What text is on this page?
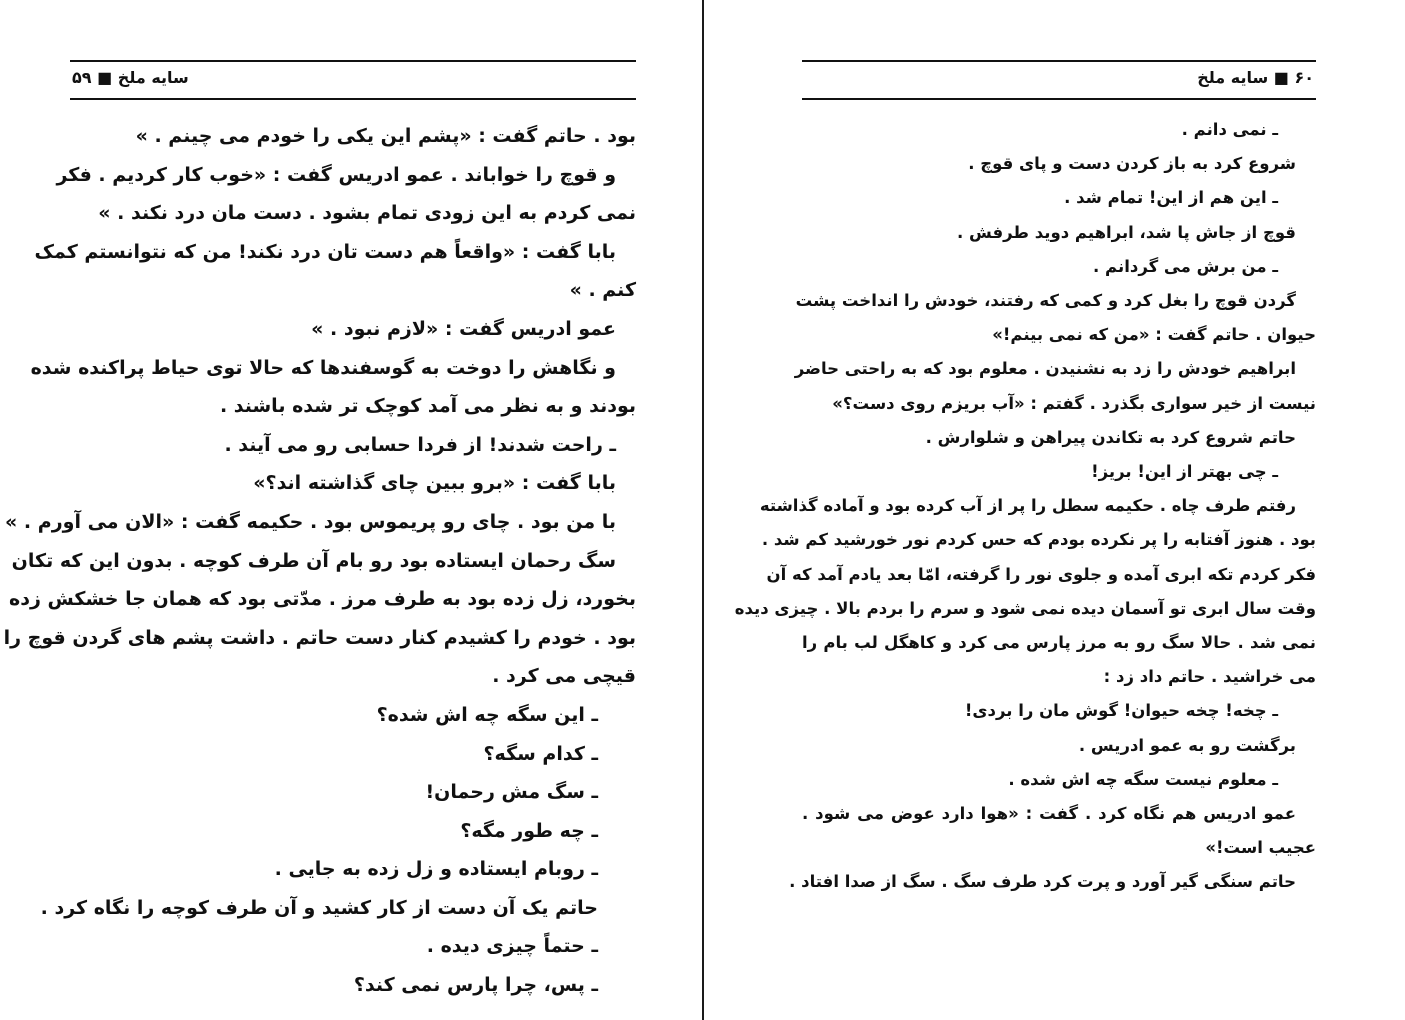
سایه ملخ ■ ۵۹
بود . حاتم گفت : «پشم این یکی را خودم می چینم . »
و قوچ را خواباند . عمو ادریس گفت : «خوب کار کردیم . فکر
نمی کردم به این زودی تمام بشود . دست مان درد نکند . »
بابا گفت : «واقعاً هم دست تان درد نکند! من که نتوانستم کمک
کنم . »
عمو ادریس گفت : «لازم نبود . »
و نگاهش را دوخت به گوسفندها که حالا توی حیاط پراکنده شده
بودند و به نظر می آمد کوچک تر شده باشند .
ـ راحت شدند! از فردا حسابی رو می آیند .
بابا گفت : «برو ببین چای گذاشته اند؟»
با من بود . چای رو پریموس بود . حکیمه گفت : «الان می آورم . »
سگ رحمان ایستاده بود رو بام آن طرف کوچه . بدون این که تکان
بخورد، زل زده بود به طرف مرز . مدّتی بود که همان جا خشکش زده
بود . خودم را کشیدم کنار دست حاتم . داشت پشم های گردن قوچ را
قیچی می کرد .
ـ این سگه چه اش شده؟
ـ کدام سگه؟
ـ سگ مش رحمان!
ـ چه طور مگه؟
ـ روبام ایستاده و زل زده به جایی .
حاتم یک آن دست از کار کشید و آن طرف کوچه را نگاه کرد .
ـ حتماً چیزی دیده .
ـ پس، چرا پارس نمی کند؟
۶۰ ■ سایه ملخ
ـ نمی دانم .
شروع کرد به باز کردن دست و پای قوچ .
ـ این هم از این! تمام شد .
قوچ از جاش پا شد، ابراهیم دوید طرفش .
ـ من برش می گردانم .
گردن قوچ را بغل کرد و کمی که رفتند، خودش را انداخت پشت
حیوان . حاتم گفت : «من که نمی بینم!»
ابراهیم خودش را زد به نشنیدن . معلوم بود که به راحتی حاضر
نیست از خیر سواری بگذرد . گفتم : «آب بریزم روی دست؟»
حاتم شروع کرد به تکاندن پیراهن و شلوارش .
ـ چی بهتر از این! بریز!
رفتم طرف چاه . حکیمه سطل را پر از آب کرده بود و آماده گذاشته
بود . هنوز آفتابه را پر نکرده بودم که حس کردم نور خورشید کم شد .
فکر کردم تکه ابری آمده و جلوی نور را گرفته، امّا بعد یادم آمد که آن
وقت سال ابری تو آسمان دیده نمی شود و سرم را بردم بالا . چیزی دیده
نمی شد . حالا سگ رو به مرز پارس می کرد و کاهگل لب بام را
می خراشید . حاتم داد زد :
ـ چخه! چخه حیوان! گوش مان را بردی!
برگشت رو به عمو ادریس .
ـ معلوم نیست سگه چه اش شده .
عمو ادریس هم نگاه کرد . گفت : «هوا دارد عوض می شود .
عجیب است!»
حاتم سنگی گیر آورد و پرت کرد طرف سگ . سگ از صدا افتاد .
